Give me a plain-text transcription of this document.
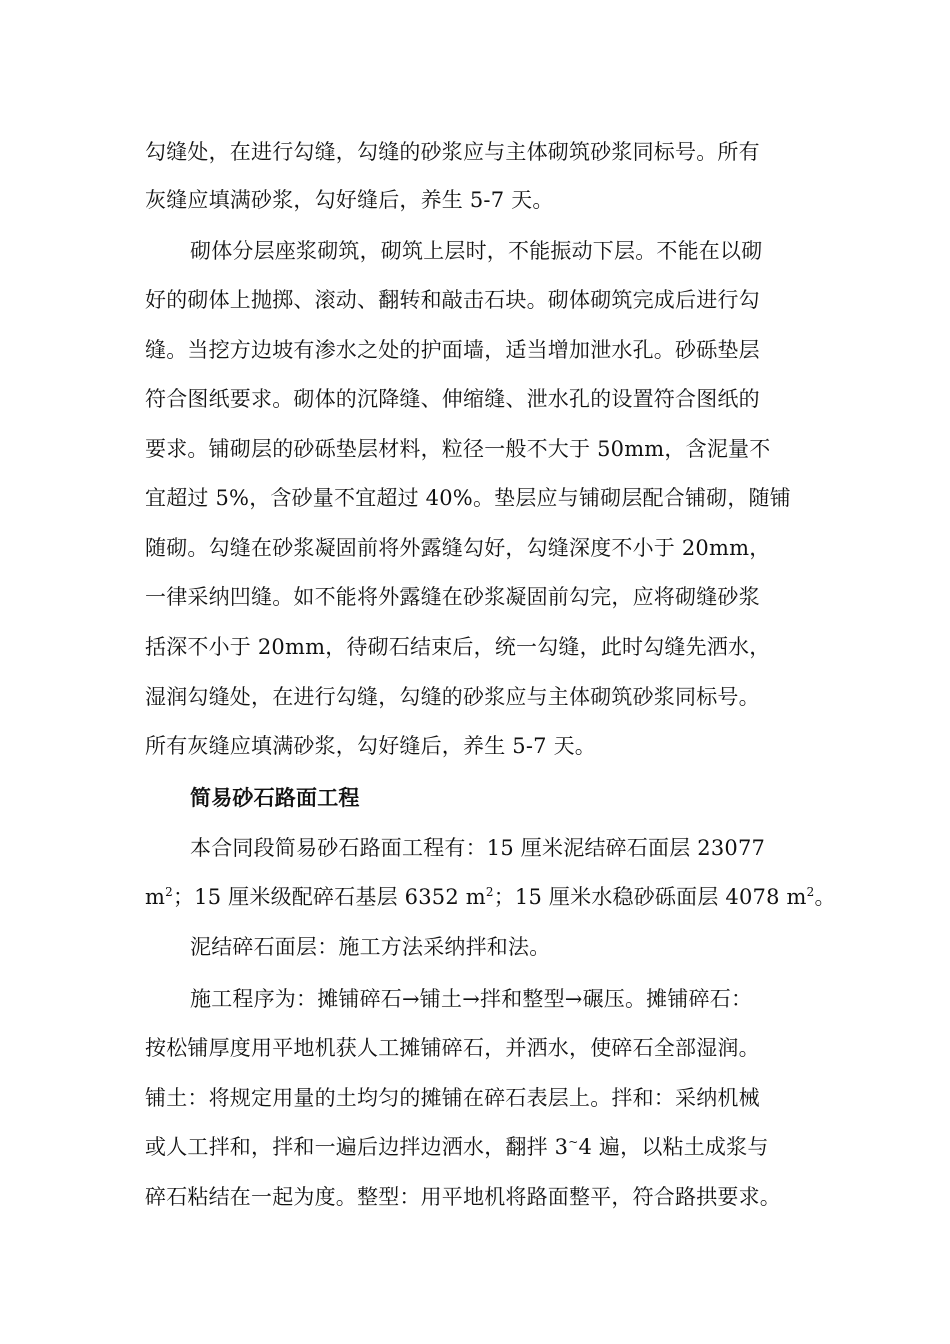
勾缝处，在进行勾缝，勾缝的砂浆应与主体砌筑砂浆同标号。所有
灰缝应填满砂浆，勾好缝后，养生 5-7 天。
砌体分层座浆砌筑，砌筑上层时，不能振动下层。不能在以砌
好的砌体上抛掷、滚动、翻转和敲击石块。砌体砌筑完成后进行勾
缝。当挖方边坡有渗水之处的护面墙，适当增加泄水孔。砂砾垫层
符合图纸要求。砌体的沉降缝、伸缩缝、泄水孔的设置符合图纸的
要求。铺砌层的砂砾垫层材料，粒径一般不大于 50mm，含泥量不
宜超过 5%，含砂量不宜超过 40%。垫层应与铺砌层配合铺砌，随铺
随砌。勾缝在砂浆凝固前将外露缝勾好，勾缝深度不小于 20mm，
一律采纳凹缝。如不能将外露缝在砂浆凝固前勾完，应将砌缝砂浆
括深不小于 20mm，待砌石结束后，统一勾缝，此时勾缝先洒水，
湿润勾缝处，在进行勾缝，勾缝的砂浆应与主体砌筑砂浆同标号。
所有灰缝应填满砂浆，勾好缝后，养生 5-7 天。
简易砂石路面工程
本合同段简易砂石路面工程有：15 厘米泥结碎石面层 23077
$m^2$；15 厘米级配碎石基层 6352 $m^2$；15 厘米水稳砂砾面层 4078 $m^2$。
泥结碎石面层：施工方法采纳拌和法。
施工程序为：摊铺碎石→铺土→拌和整型→碾压。摊铺碎石：
按松铺厚度用平地机获人工摊铺碎石，并洒水，使碎石全部湿润。
铺土：将规定用量的土均匀的摊铺在碎石表层上。拌和：采纳机械
或人工拌和，拌和一遍后边拌边洒水，翻拌 3~4 遍，以粘土成浆与
碎石粘结在一起为度。整型：用平地机将路面整平，符合路拱要求。
